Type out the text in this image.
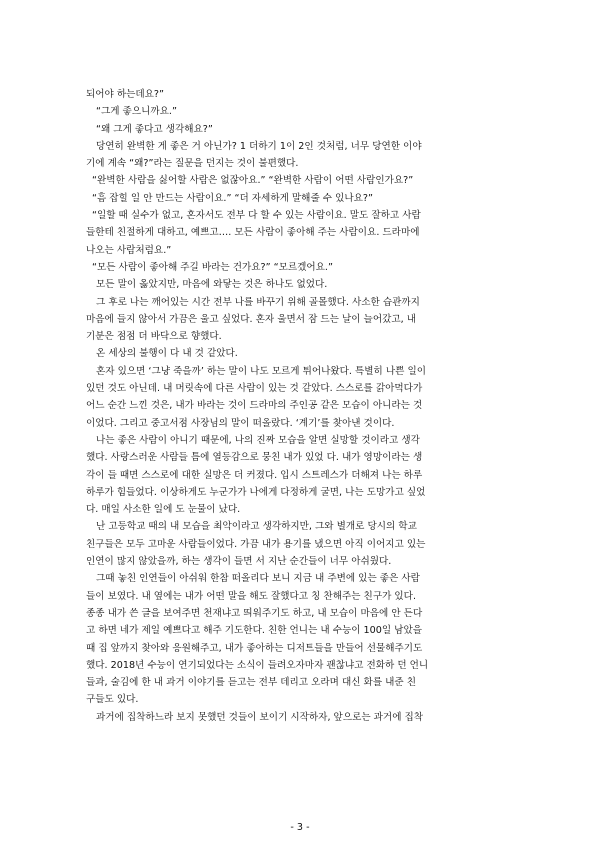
되어야 하는데요?”
“그게 좋으니까요.”
“왜 그게 좋다고 생각해요?”
당연히 완벽한 게 좋은 거 아닌가? 1 더하기 1이 2인 것처럼, 너무 당연한 이야
기에 계속 “왜?”라는 질문을 던지는 것이 불편했다.
“완벽한 사람을 싫어할 사람은 없잖아요.” “완벽한 사람이 어떤 사람인가요?”
“흠 잡힐 일 안 만드는 사람이요.” “더 자세하게 말해줄 수 있나요?”
“일할 때 실수가 없고, 혼자서도 전부 다 할 수 있는 사람이요. 말도 잘하고 사람
들한테 친절하게 대하고, 예쁘고…. 모든 사람이 좋아해 주는 사람이요. 드라마에
나오는 사람처럼요.”
“모든 사람이 좋아해 주길 바라는 건가요?” “모르겠어요.”
모든 말이 옳았지만, 마음에 와닿는 것은 하나도 없었다.
그 후로 나는 깨어있는 시간 전부 나를 바꾸기 위해 골몰했다. 사소한 습관까지
마음에 들지 않아서 가끔은 울고 싶었다. 혼자 울면서 잠 드는 날이 늘어갔고, 내
기분은 점점 더 바닥으로 향했다.
온 세상의 불행이 다 내 것 같았다.
혼자 있으면 ‘그냥 죽을까’ 하는 말이 나도 모르게 튀어나왔다. 특별히 나쁜 일이
있던 것도 아닌데. 내 머릿속에 다른 사람이 있는 것 같았다. 스스로를 갉아먹다가
어느 순간 느낀 것은, 내가 바라는 것이 드라마의 주인공 같은 모습이 아니라는 것
이었다. 그리고 중고서점 사장님의 말이 떠올랐다. ‘계기’를 찾아낸 것이다.
나는 좋은 사람이 아니기 때문에, 나의 진짜 모습을 알면 실망할 것이라고 생각
했다. 사랑스러운 사람들 틈에 열등감으로 뭉친 내가 있었 다. 내가 영망이라는 생
각이 들 때면 스스로에 대한 실망은 더 커졌다. 입시 스트레스가 더해져 나는 하루
하루가 힘들었다. 이상하게도 누군가가 나에게 다정하게 굴면, 나는 도망가고 싶었
다. 매일 사소한 일에 도 눈물이 났다.
난 고등학교 때의 내 모습을 최악이라고 생각하지만, 그와 별개로 당시의 학교
친구들은 모두 고마운 사람들이었다. 가끔 내가 용기를 냈으면 아직 이어지고 있는
인연이 많지 않았을까, 하는 생각이 들면 서 지난 순간들이 너무 아쉬웠다.
그때 놓친 인연들이 아쉬워 한참 떠올리다 보니 지금 내 주변에 있는 좋은 사람
들이 보였다. 내 옆에는 내가 어떤 말을 해도 잘했다고 칭 찬해주는 친구가 있다.
종종 내가 쓴 글을 보여주면 천재냐고 띄워주기도 하고, 내 모습이 마음에 안 든다
고 하면 네가 제일 예쁘다고 해주 기도한다. 친한 언니는 내 수능이 100일 남았을
때 집 앞까지 찾아와 응원해주고, 내가 좋아하는 디저트들을 만들어 선물해주기도
했다. 2018년 수능이 연기되었다는 소식이 들려오자마자 괜찮냐고 전화하 던 언니
들과, 술김에 한 내 과거 이야기를 듣고는 전부 데리고 오라며 대신 화를 내준 친
구들도 있다.
과거에 집착하느라 보지 못했던 것들이 보이기 시작하자, 앞으로는 과거에 집착
- 3 -
